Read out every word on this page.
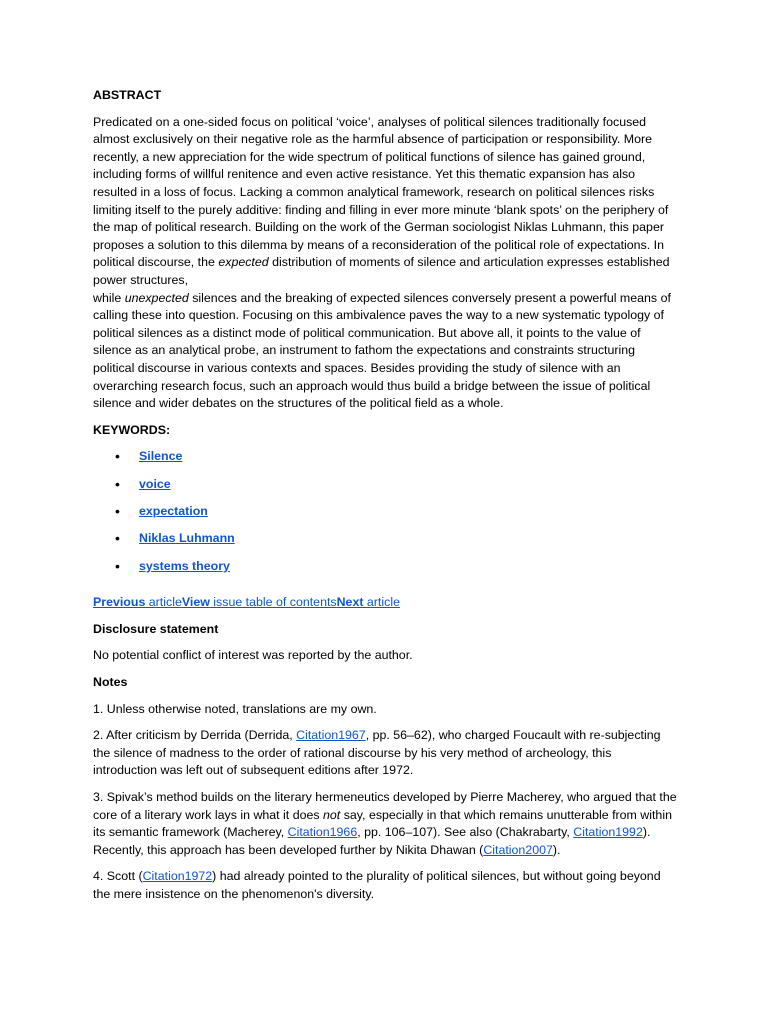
ABSTRACT

Predicated on a one-sided focus on political ‘voice’, analyses of political silences traditionally focused almost exclusively on their negative role as the harmful absence of participation or responsibility. More recently, a new appreciation for the wide spectrum of political functions of silence has gained ground, including forms of willful renitence and even active resistance. Yet this thematic expansion has also resulted in a loss of focus. Lacking a common analytical framework, research on political silences risks limiting itself to the purely additive: finding and filling in ever more minute ‘blank spots’ on the periphery of the map of political research. Building on the work of the German sociologist Niklas Luhmann, this paper proposes a solution to this dilemma by means of a reconsideration of the political role of expectations. In political discourse, the expected distribution of moments of silence and articulation expresses established power structures,
while unexpected silences and the breaking of expected silences conversely present a powerful means of calling these into question. Focusing on this ambivalence paves the way to a new systematic typology of political silences as a distinct mode of political communication. But above all, it points to the value of silence as an analytical probe, an instrument to fathom the expectations and constraints structuring political discourse in various contexts and spaces. Besides providing the study of silence with an overarching research focus, such an approach would thus build a bridge between the issue of political silence and wider debates on the structures of the political field as a whole.

KEYWORDS:

• Silence
• voice
• expectation
• Niklas Luhmann
• systems theory

Previous articleView issue table of contentsNext article

Disclosure statement

No potential conflict of interest was reported by the author.

Notes

1. Unless otherwise noted, translations are my own.

2. After criticism by Derrida (Derrida, Citation1967, pp. 56–62), who charged Foucault with re-subjecting the silence of madness to the order of rational discourse by his very method of archeology, this introduction was left out of subsequent editions after 1972.

3. Spivak’s method builds on the literary hermeneutics developed by Pierre Macherey, who argued that the core of a literary work lays in what it does not say, especially in that which remains unutterable from within its semantic framework (Macherey, Citation1966, pp. 106–107). See also (Chakrabarty, Citation1992). Recently, this approach has been developed further by Nikita Dhawan (Citation2007).

4. Scott (Citation1972) had already pointed to the plurality of political silences, but without going beyond the mere insistence on the phenomenon's diversity.
